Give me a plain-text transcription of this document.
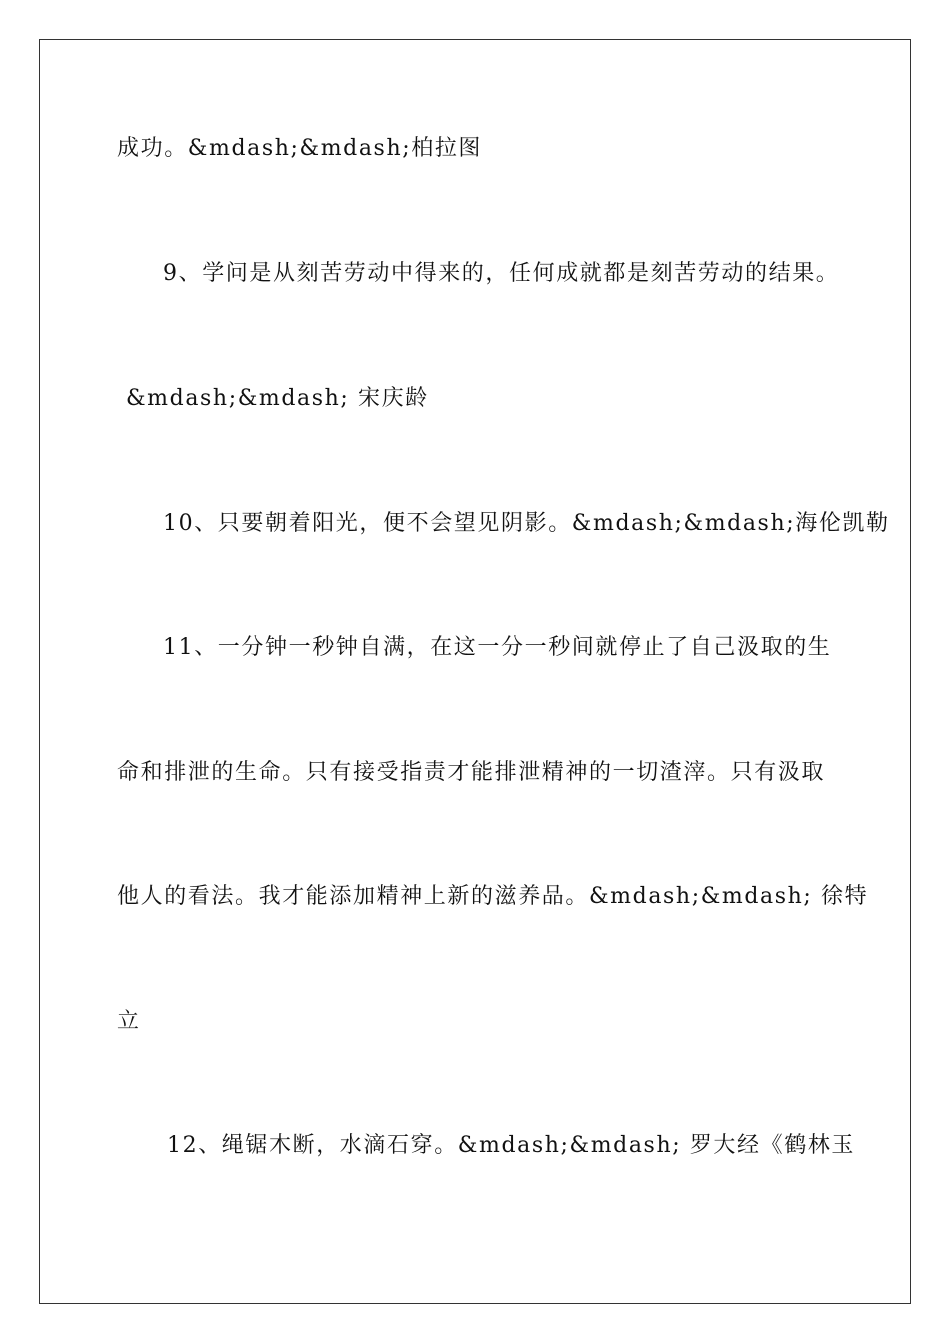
成功。&mdash;&mdash;柏拉图
9、学问是从刻苦劳动中得来的，任何成就都是刻苦劳动的结果。
&mdash;&mdash; 宋庆龄
10、只要朝着阳光，便不会望见阴影。&mdash;&mdash;海伦凯勒
11、一分钟一秒钟自满，在这一分一秒间就停止了自己汲取的生
命和排泄的生命。只有接受指责才能排泄精神的一切渣滓。只有汲取
他人的看法。我才能添加精神上新的滋养品。&mdash;&mdash; 徐特
立
12、绳锯木断，水滴石穿。&mdash;&mdash; 罗大经《鹤林玉
